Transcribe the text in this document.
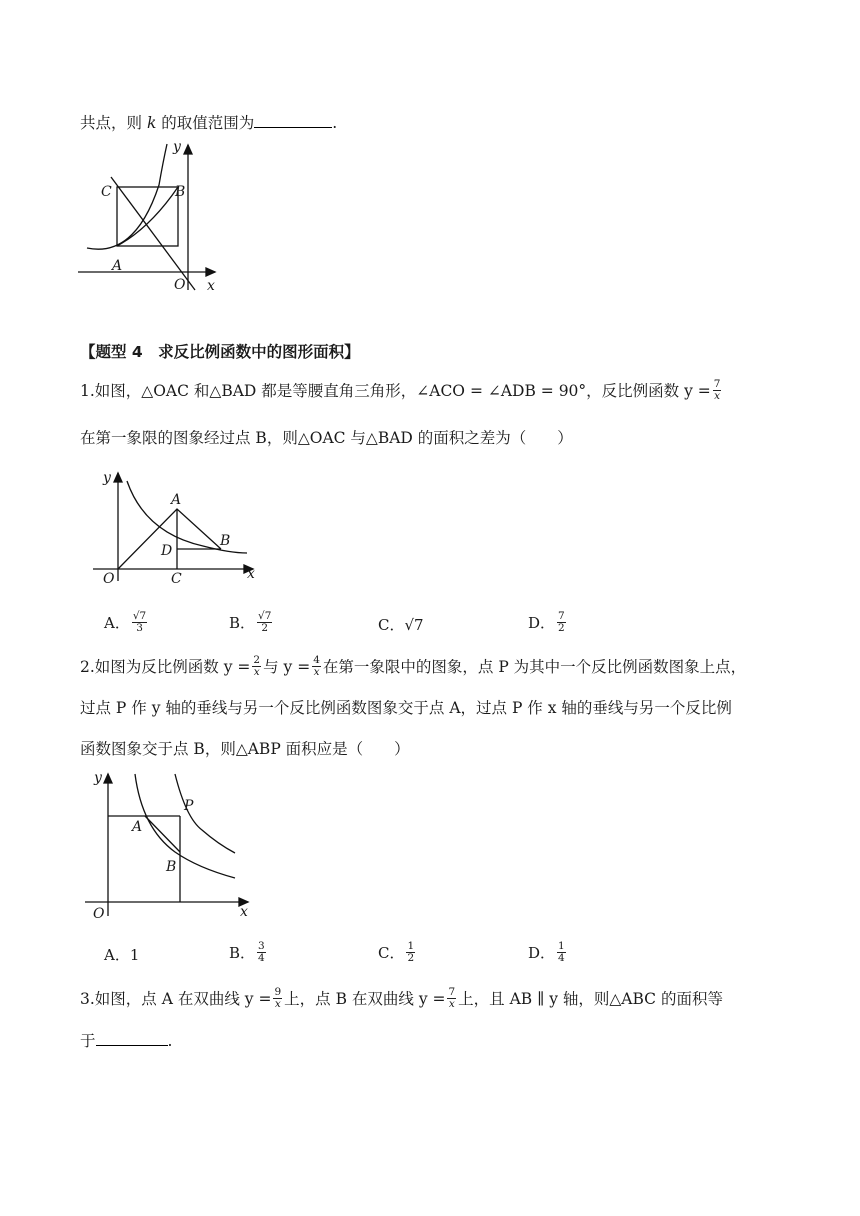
共点，则 k 的取值范围为	.
y
x
O
A
B
C
【题型 4　求反比例函数中的图形面积】
1.如图，△OAC 和△BAD 都是等腰直角三角形，∠ACO = ∠ADB = 90°，反比例函数 $y = \frac{7}{x}$
在第一象限的图象经过点 B，则△OAC 与△BAD 的面积之差为（　　）
y
x
O
A
B
C
D
A． $\frac{√7}{3}$	B． $\frac{√7}{2}$	C．√7	D． $\frac{7}{2}$
2.如图为反比例函数 $y = \frac{2}{x}$ 与 $y = \frac{4}{x}$ 在第一象限中的图象，点 P 为其中一个反比例函数图象上点，
过点 P 作 y 轴的垂线与另一个反比例函数图象交于点 A，过点 P 作 x 轴的垂线与另一个反比例
函数图象交于点 B，则△ABP 面积应是（　　）
y
x
O
A
B
P
A．1	B． $\frac{3}{4}$	C． $\frac{1}{2}$	D． $\frac{1}{4}$
3.如图，点 A 在双曲线 $y = \frac{9}{x}$ 上，点 B 在双曲线 $y = \frac{7}{x}$ 上，且 AB ∥ y 轴，则△ABC 的面积等
于	.
